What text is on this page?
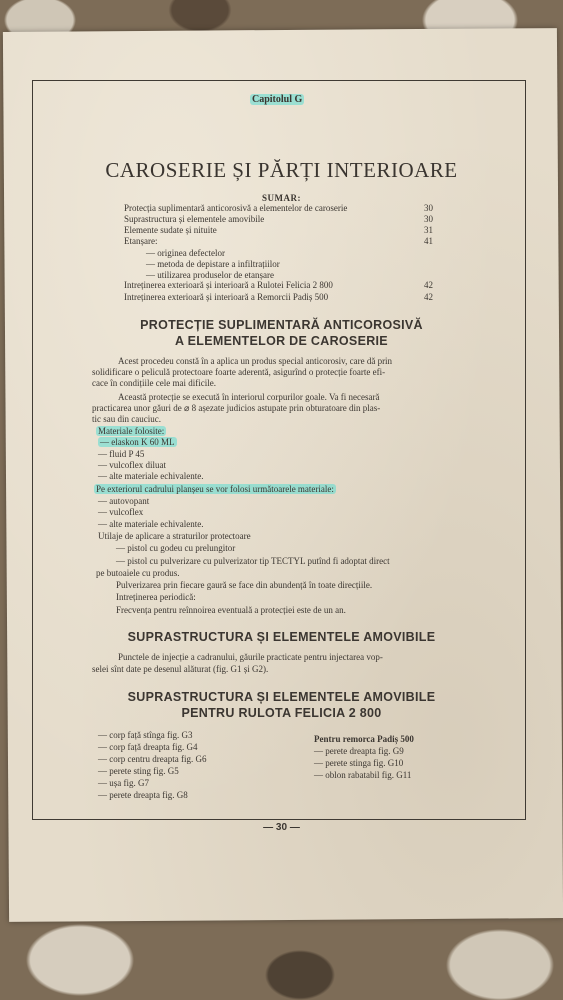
Capitolul G
CAROSERIE ȘI PĂRȚI INTERIOARE
SUMAR:
Protecția suplimentară anticorosivă a elementelor de caroserie	30
Suprastructura și elementele amovibile	30
Elemente sudate și nituite	31
Etanșare:	41
— originea defectelor
— metoda de depistare a infiltrațiilor
— utilizarea produselor de etanșare
Intreținerea exterioară și interioară a Rulotei Felicia 2 800	42
Intreținerea exterioară și interioară a Remorcii Padiș 500	42
PROTECȚIE SUPLIMENTARĂ ANTICOROSIVĂ
A ELEMENTELOR DE CAROSERIE
Acest procedeu constă în a aplica un produs special anticorosiv, care dă prin
solidificare o peliculă protectoare foarte aderentă, asigurînd o protecție foarte efi-
cace în condițiile cele mai dificile.
Această protecție se execută în interiorul corpurilor goale. Va fi necesară
practicarea unor găuri de ⌀ 8 așezate judicios astupate prin obturatoare din plas-
tic sau din cauciuc.
Materiale folosite:
— elaskon K 60 ML
— fluid P 45
— vulcoflex diluat
— alte materiale echivalente.
Pe exteriorul cadrului planșeu se vor folosi următoarele materiale:
— autovopant
— vulcoflex
— alte materiale echivalente.
Utilaje de aplicare a straturilor protectoare
— pistol cu godeu cu prelungitor
— pistol cu pulverizare cu pulverizator tip TECTYL putînd fi adoptat direct
pe butoaiele cu produs.
Pulverizarea prin fiecare gaură se face din abundență în toate direcțiile.
Intreținerea periodică:
Frecvența pentru reînnoirea eventuală a protecției este de un an.
SUPRASTRUCTURA ȘI ELEMENTELE AMOVIBILE
Punctele de injecție a cadranului, găurile practicate pentru injectarea vop-
selei sînt date pe desenul alăturat (fig. G1 și G2).
SUPRASTRUCTURA ȘI ELEMENTELE AMOVIBILE
PENTRU RULOTA FELICIA 2 800
— corp față stînga fig. G3
— corp față dreapta fig. G4
— corp centru dreapta fig. G6
— perete sting fig. G5
— ușa fig. G7
— perete dreapta fig. G8
Pentru remorca Padiș 500
— perete dreapta fig. G9
— perete stinga fig. G10
— oblon rabatabil fig. G11
— 30 —
